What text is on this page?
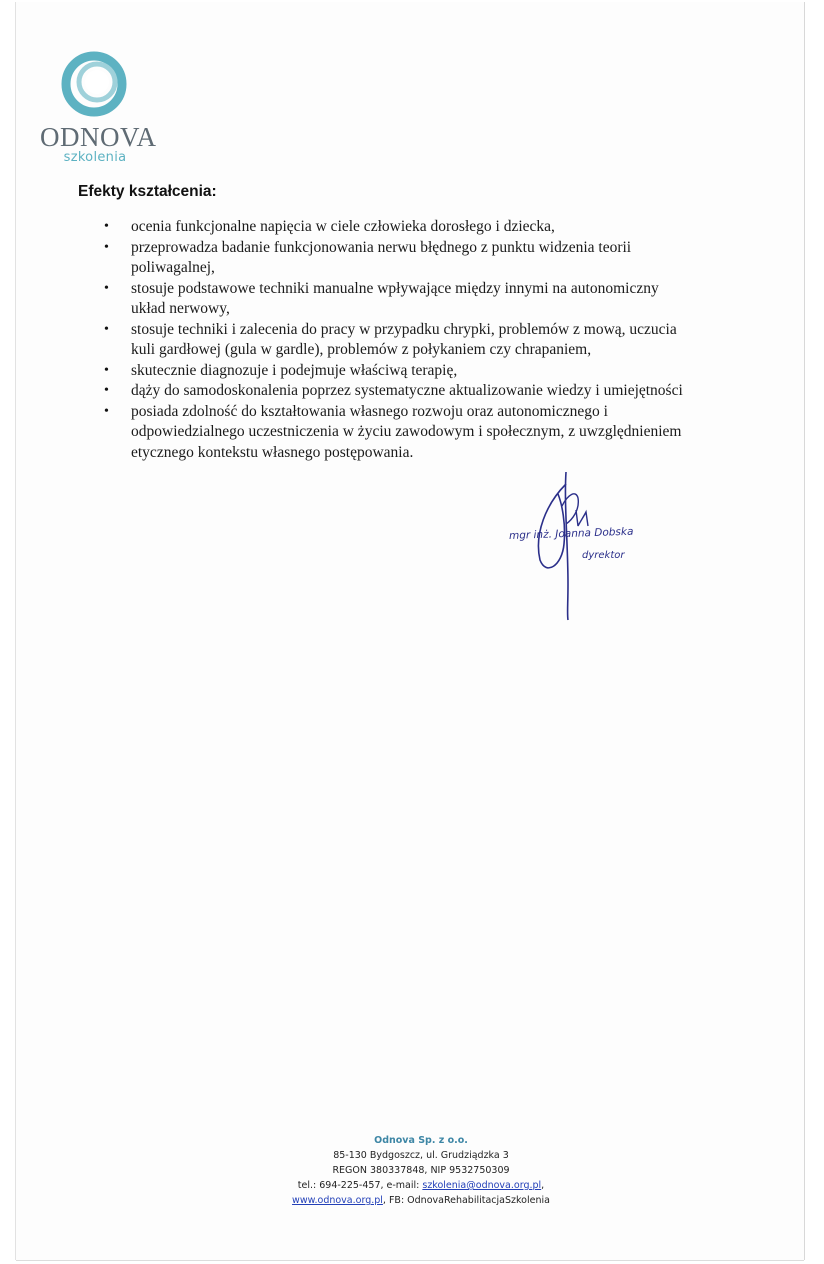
ODNOVA
szkolenia
Efekty kształcenia:
• ocenia funkcjonalne napięcia w ciele człowieka dorosłego i dziecka,
• przeprowadza badanie funkcjonowania nerwu błędnego z punktu widzenia teorii
poliwagalnej,
• stosuje podstawowe techniki manualne wpływające między innymi na autonomiczny
układ nerwowy,
• stosuje techniki i zalecenia do pracy w przypadku chrypki, problemów z mową, uczucia
kuli gardłowej (gula w gardle), problemów z połykaniem czy chrapaniem,
• skutecznie diagnozuje i podejmuje właściwą terapię,
• dąży do samodoskonalenia poprzez systematyczne aktualizowanie wiedzy i umiejętności
• posiada zdolność do kształtowania własnego rozwoju oraz autonomicznego i
odpowiedzialnego uczestniczenia w życiu zawodowym i społecznym, z uwzględnieniem
etycznego kontekstu własnego postępowania.
mgr inż. Joanna Dobska
dyrektor
Odnova Sp. z o.o.
85-130 Bydgoszcz, ul. Grudziądzka 3
REGON 380337848, NIP 9532750309
tel.: 694-225-457, e-mail: szkolenia@odnova.org.pl,
www.odnova.org.pl, FB: OdnovaRehabilitacjaSzkolenia
